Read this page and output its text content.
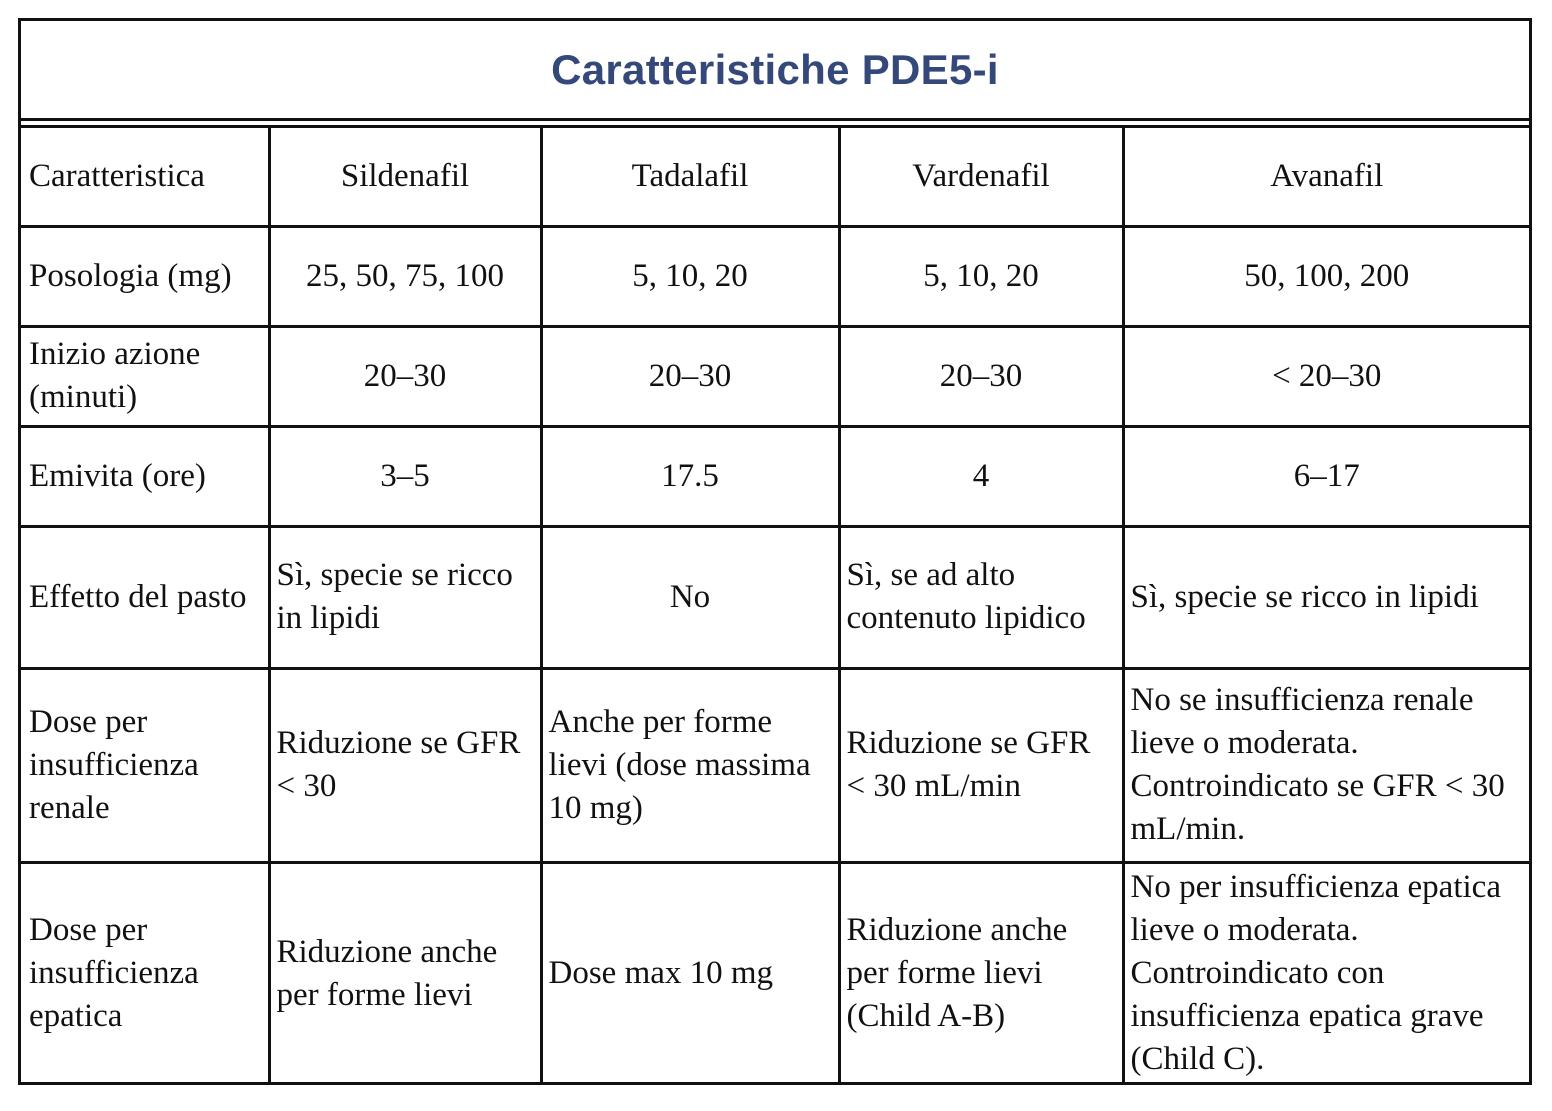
Caratteristiche PDE5-i
Caratteristica	Sildenafil	Tadalafil	Vardenafil	Avanafil
Posologia (mg)	25, 50, 75, 100	5, 10, 20	5, 10, 20	50, 100, 200
Inizio azione (minuti)	20–30	20–30	20–30	< 20–30
Emivita (ore)	3–5	17.5	4	6–17
Effetto del pasto	Sì, specie se ricco in lipidi	No	Sì, se ad alto contenuto lipidico	Sì, specie se ricco in lipidi
Dose per insufficienza renale	Riduzione se GFR < 30	Anche per forme lievi (dose massima 10 mg)	Riduzione se GFR < 30 mL/min	No se insufficienza renale lieve o moderata. Controindicato se GFR < 30 mL/min.
Dose per insufficienza epatica	Riduzione anche per forme lievi	Dose max 10 mg	Riduzione anche per forme lievi (Child A-B)	No per insufficienza epatica lieve o moderata. Controindicato con insufficienza epatica grave (Child C).
